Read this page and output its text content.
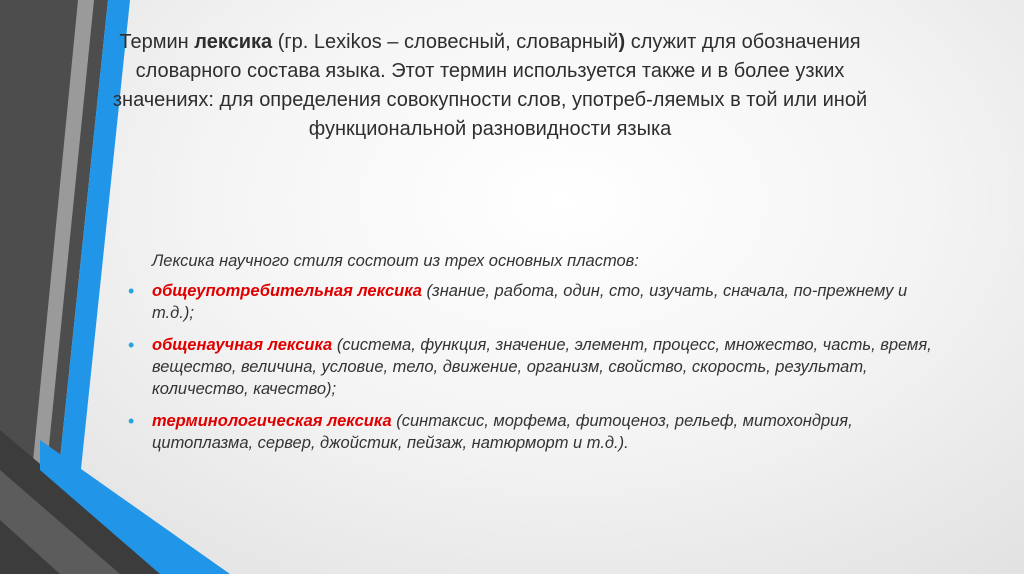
Термин лексика (гр. Lexikos – словесный, словарный) служит для обозначения словарного состава языка. Этот термин используется также и в более узких значениях: для определения совокупности слов, употреб-ляемых в той или иной функциональной разновидности языка
Лексика научного стиля состоит из трех основных пластов:
• общеупотребительная лексика (знание, работа, один, сто, изучать, сначала, по-прежнему и т.д.);
• общенаучная лексика (система, функция, значение, элемент, процесс, множество, часть, время, вещество, величина, условие, тело, движение, организм, свойство, скорость, результат, количество, качество);
• терминологическая лексика (синтаксис, морфема, фитоценоз, рельеф, митохондрия, цитоплазма, сервер, джойстик, пейзаж, натюрморт и т.д.).
